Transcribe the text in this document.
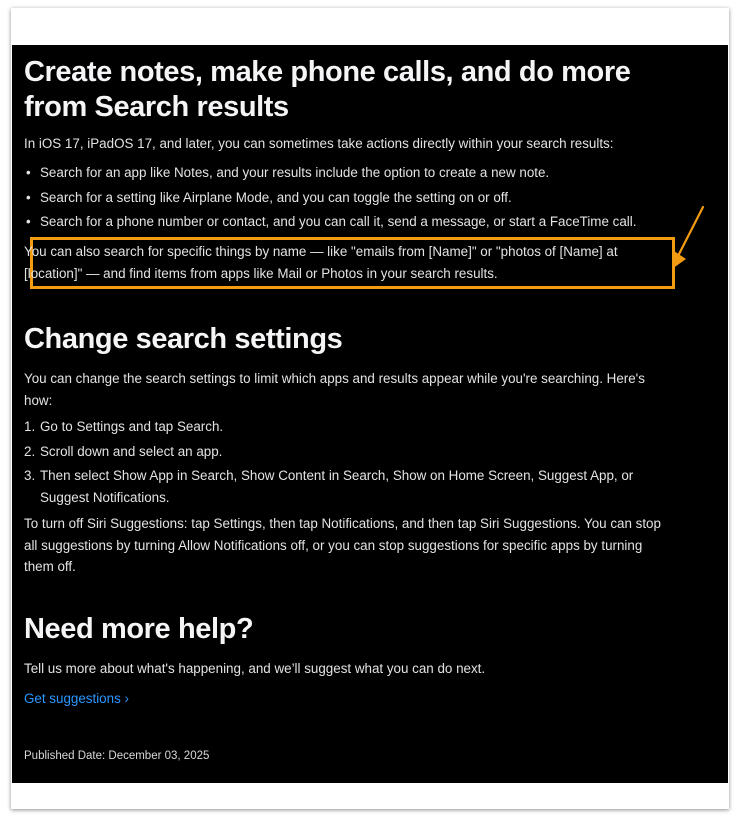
Create notes, make phone calls, and do more from Search results

In iOS 17, iPadOS 17, and later, you can sometimes take actions directly within your search results:

• Search for an app like Notes, and your results include the option to create a new note.
• Search for a setting like Airplane Mode, and you can toggle the setting on or off.
• Search for a phone number or contact, and you can call it, send a message, or start a FaceTime call.

You can also search for specific things by name — like "emails from [Name]" or "photos of [Name] at [location]" — and find items from apps like Mail or Photos in your search results.

Change search settings

You can change the search settings to limit which apps and results appear while you're searching. Here's how:

1. Go to Settings and tap Search.
2. Scroll down and select an app.
3. Then select Show App in Search, Show Content in Search, Show on Home Screen, Suggest App, or Suggest Notifications.

To turn off Siri Suggestions: tap Settings, then tap Notifications, and then tap Siri Suggestions. You can stop all suggestions by turning Allow Notifications off, or you can stop suggestions for specific apps by turning them off.

Need more help?

Tell us more about what's happening, and we’ll suggest what you can do next.

Get suggestions ›
Published Date: December 03, 2025
